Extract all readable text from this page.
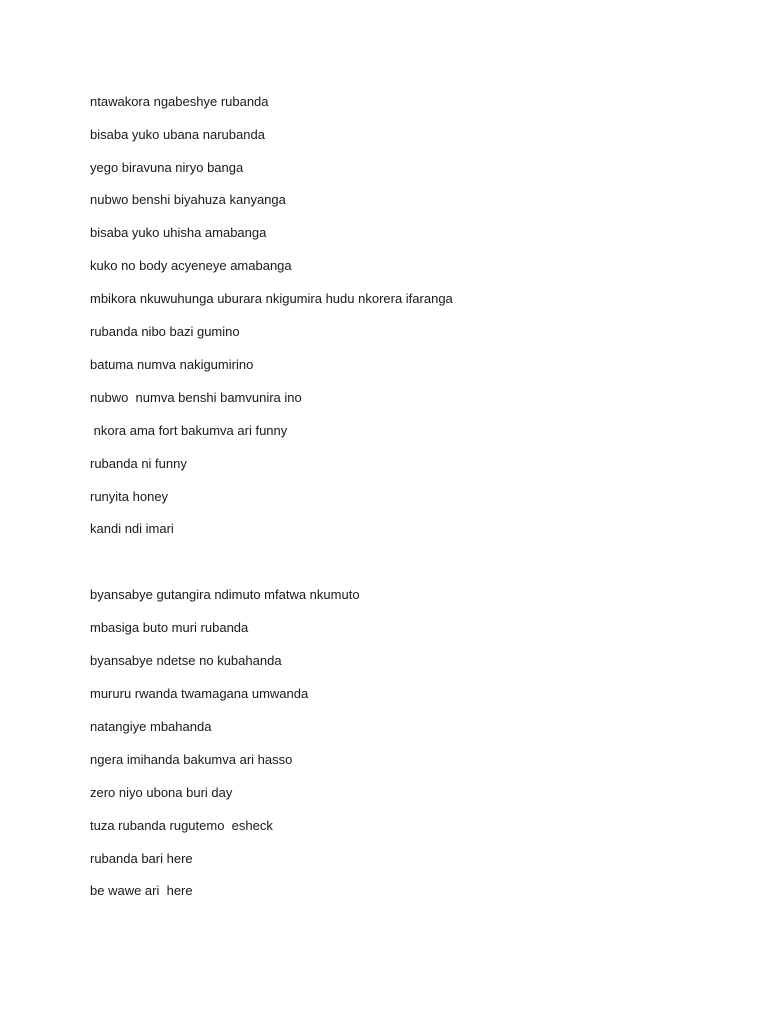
ntawakora ngabeshye rubanda
bisaba yuko ubana narubanda
yego biravuna niryo banga
nubwo benshi biyahuza kanyanga
bisaba yuko uhisha amabanga
kuko no body acyeneye amabanga
mbikora nkuwuhunga uburara nkigumira hudu nkorera ifaranga
rubanda nibo bazi gumino
batuma numva nakigumirino
nubwo  numva benshi bamvunira ino
nkora ama fort bakumva ari funny
rubanda ni funny
runyita honey
kandi ndi imari
byansabye gutangira ndimuto mfatwa nkumuto
mbasiga buto muri rubanda
byansabye ndetse no kubahanda
mururu rwanda twamagana umwanda
natangiye mbahanda
ngera imihanda bakumva ari hasso
zero niyo ubona buri day
tuza rubanda rugutemo  esheck
rubanda bari here
be wawe ari  here
